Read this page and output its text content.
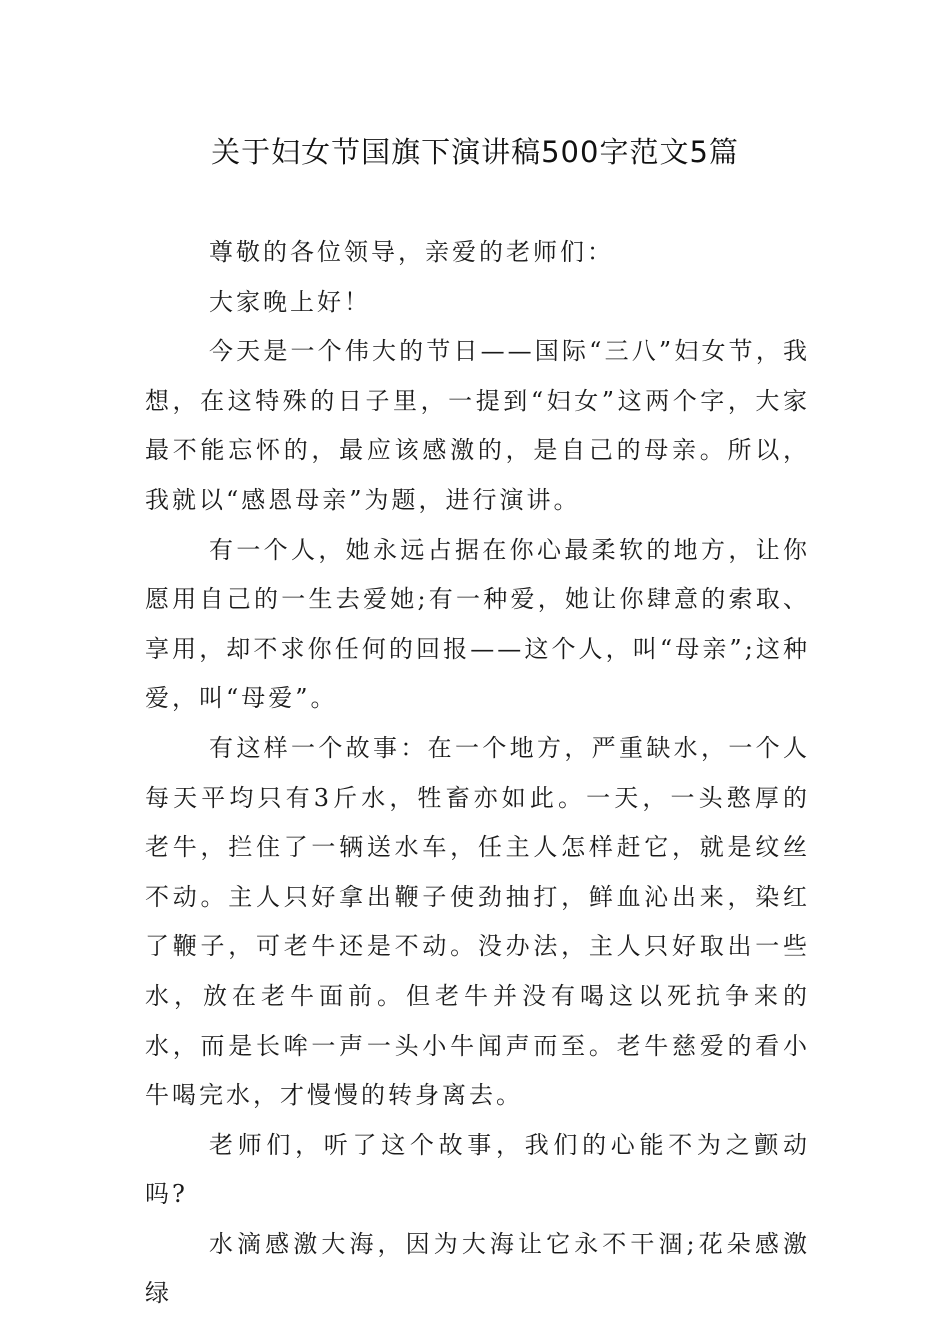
关于妇女节国旗下演讲稿500字范文5篇

尊敬的各位领导，亲爱的老师们：

大家晚上好！

今天是一个伟大的节日——国际“三八”妇女节，我想，在这特殊的日子里，一提到“妇女”这两个字，大家最不能忘怀的，最应该感激的，是自己的母亲。所以，我就以“感恩母亲”为题，进行演讲。

有一个人，她永远占据在你心最柔软的地方，让你愿用自己的一生去爱她;有一种爱，她让你肆意的索取、享用，却不求你任何的回报——这个人，叫“母亲”;这种爱，叫“母爱”。

有这样一个故事：在一个地方，严重缺水，一个人每天平均只有3斤水，牲畜亦如此。一天，一头憨厚的老牛，拦住了一辆送水车，任主人怎样赶它，就是纹丝不动。主人只好拿出鞭子使劲抽打，鲜血沁出来，染红了鞭子，可老牛还是不动。没办法，主人只好取出一些水，放在老牛面前。但老牛并没有喝这以死抗争来的水，而是长哞一声一头小牛闻声而至。老牛慈爱的看小牛喝完水，才慢慢的转身离去。

老师们，听了这个故事，我们的心能不为之颤动吗?

水滴感激大海，因为大海让它永不干涸;花朵感激绿
